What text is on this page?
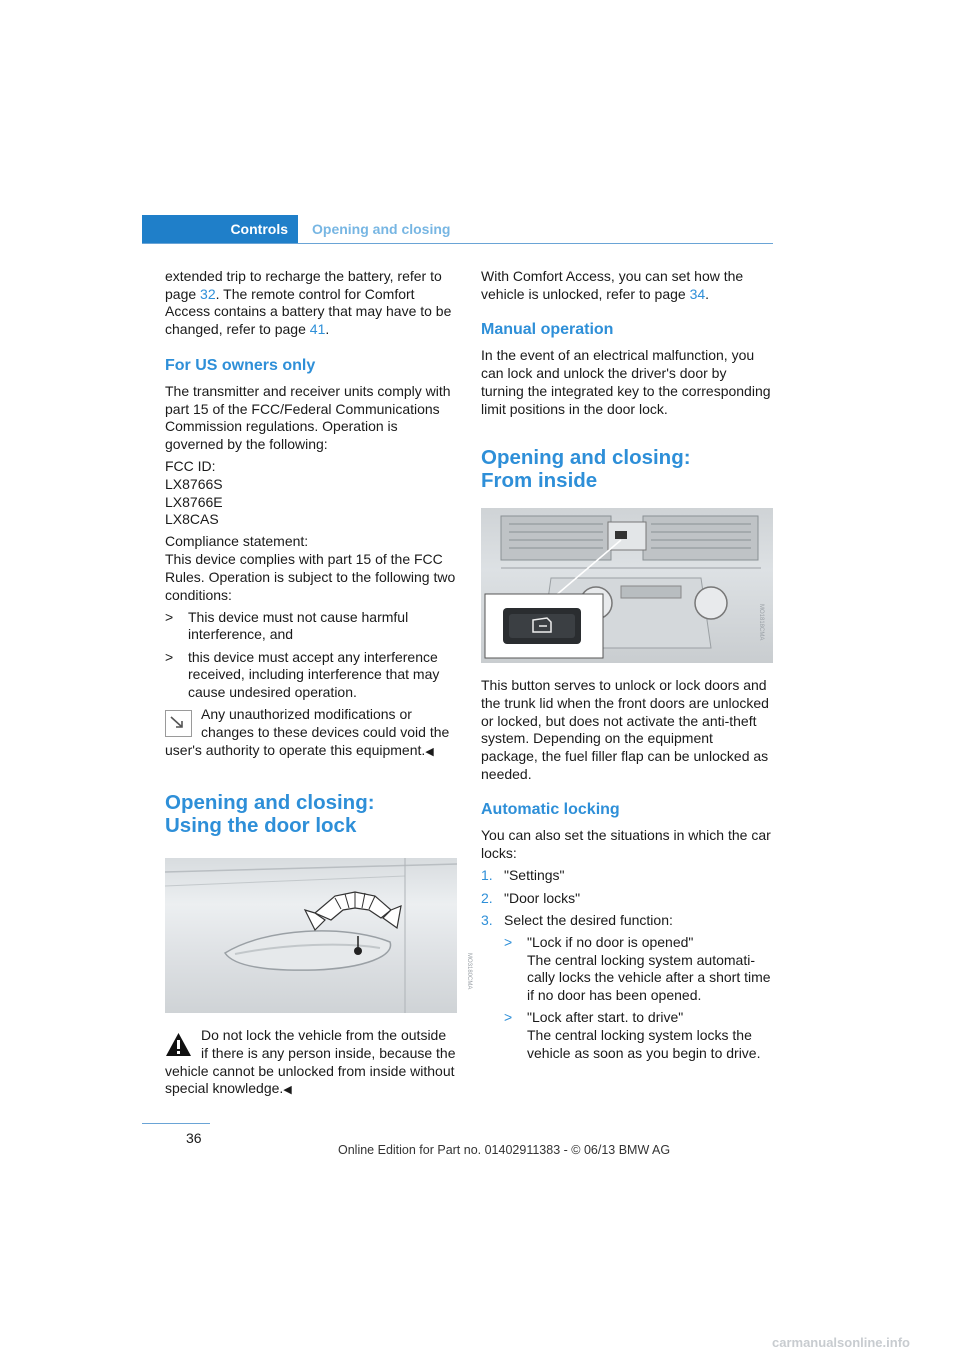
Controls Opening and closing

extended trip to recharge the battery, refer to page 32. The remote control for Comfort Access contains a battery that may have to be changed, refer to page 41.

For US owners only

The transmitter and receiver units comply with part 15 of the FCC/Federal Communications Commission regulations. Operation is governed by the following:

FCC ID:
LX8766S
LX8766E
LX8CAS

Compliance statement:
This device complies with part 15 of the FCC Rules. Operation is subject to the following two conditions:

> This device must not cause harmful interference, and
> this device must accept any interference received, including interference that may cause undesired operation.
Any unauthorized modifications or changes to these devices could void the
user's authority to operate this equipment.◀
Opening and closing:
Using the door lock
MO3180CMA
Do not lock the vehicle from the outside if there is any person inside, because the
vehicle cannot be unlocked from inside without special knowledge.◀

With Comfort Access, you can set how the vehicle is unlocked, refer to page 34.

Manual operation

In the event of an electrical malfunction, you can lock and unlock the driver's door by turning the integrated key to the corresponding limit positions in the door lock.

Opening and closing:
From inside
MO1818CMA

This button serves to unlock or lock doors and the trunk lid when the front doors are unlocked or locked, but does not activate the anti-theft system. Depending on the equipment package, the fuel filler flap can be unlocked as needed.

Automatic locking

You can also set the situations in which the car locks:

1. "Settings"
2. "Door locks"
3. Select the desired function:
> "Lock if no door is opened"
The central locking system automati-cally locks the vehicle after a short time if no door has been opened.
> "Lock after start. to drive"
The central locking system locks the vehicle as soon as you begin to drive.
36
Online Edition for Part no. 01402911383 - © 06/13 BMW AG
carmanualsonline.info
